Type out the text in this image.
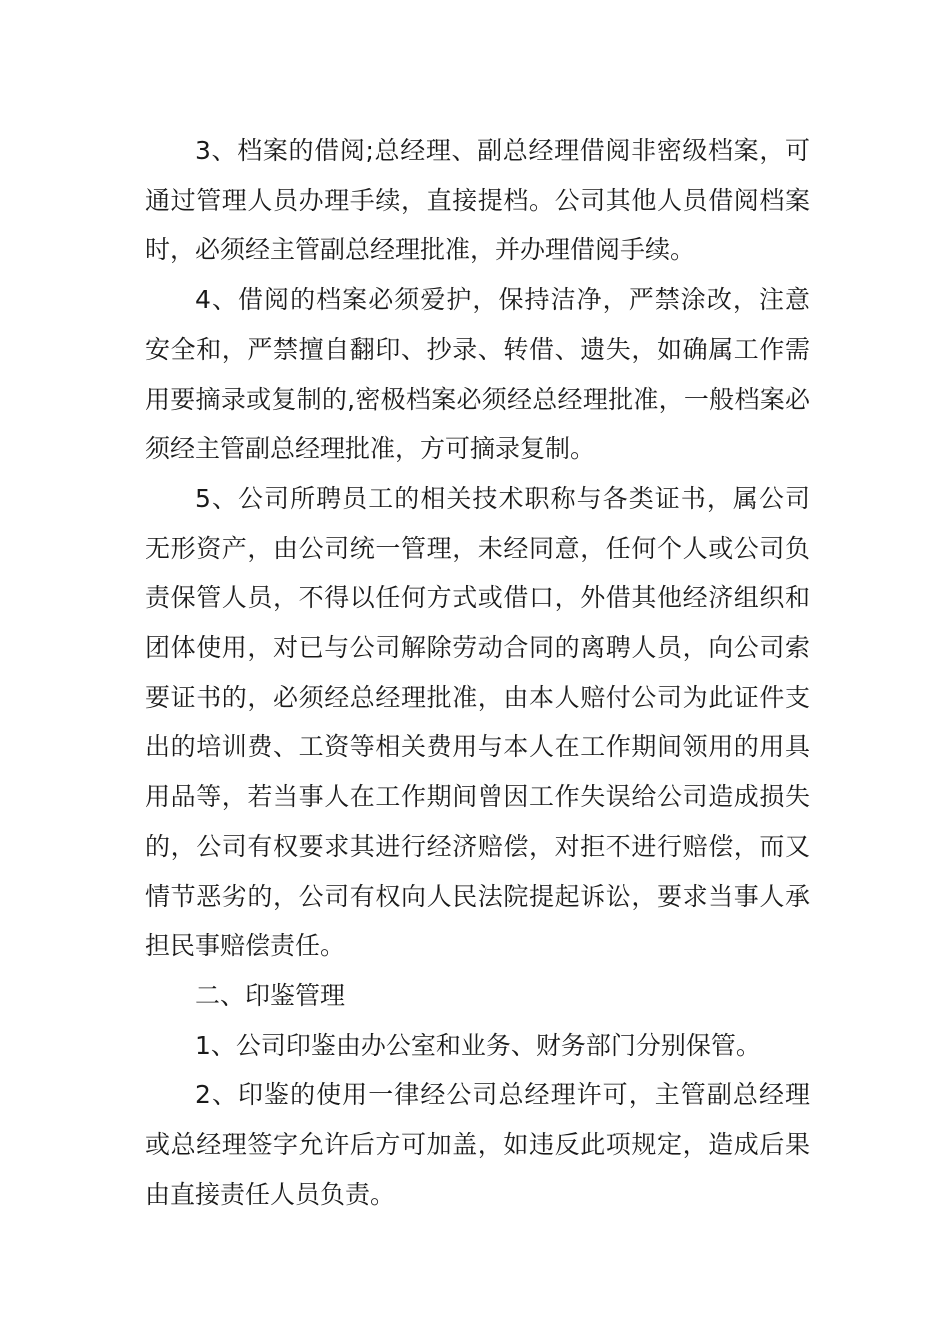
3、档案的借阅;总经理、副总经理借阅非密级档案，可通过管理人员办理手续，直接提档。公司其他人员借阅档案时，必须经主管副总经理批准，并办理借阅手续。

4、借阅的档案必须爱护，保持洁净，严禁涂改，注意安全和，严禁擅自翻印、抄录、转借、遗失，如确属工作需用要摘录或复制的,密极档案必须经总经理批准，一般档案必须经主管副总经理批准，方可摘录复制。

5、公司所聘员工的相关技术职称与各类证书，属公司无形资产，由公司统一管理，未经同意，任何个人或公司负责保管人员，不得以任何方式或借口，外借其他经济组织和团体使用，对已与公司解除劳动合同的离聘人员，向公司索要证书的，必须经总经理批准，由本人赔付公司为此证件支出的培训费、工资等相关费用与本人在工作期间领用的用具用品等，若当事人在工作期间曾因工作失误给公司造成损失的，公司有权要求其进行经济赔偿，对拒不进行赔偿，而又情节恶劣的，公司有权向人民法院提起诉讼，要求当事人承担民事赔偿责任。

二、印鉴管理

1、公司印鉴由办公室和业务、财务部门分别保管。

2、印鉴的使用一律经公司总经理许可，主管副总经理或总经理签字允许后方可加盖，如违反此项规定，造成后果由直接责任人员负责。
